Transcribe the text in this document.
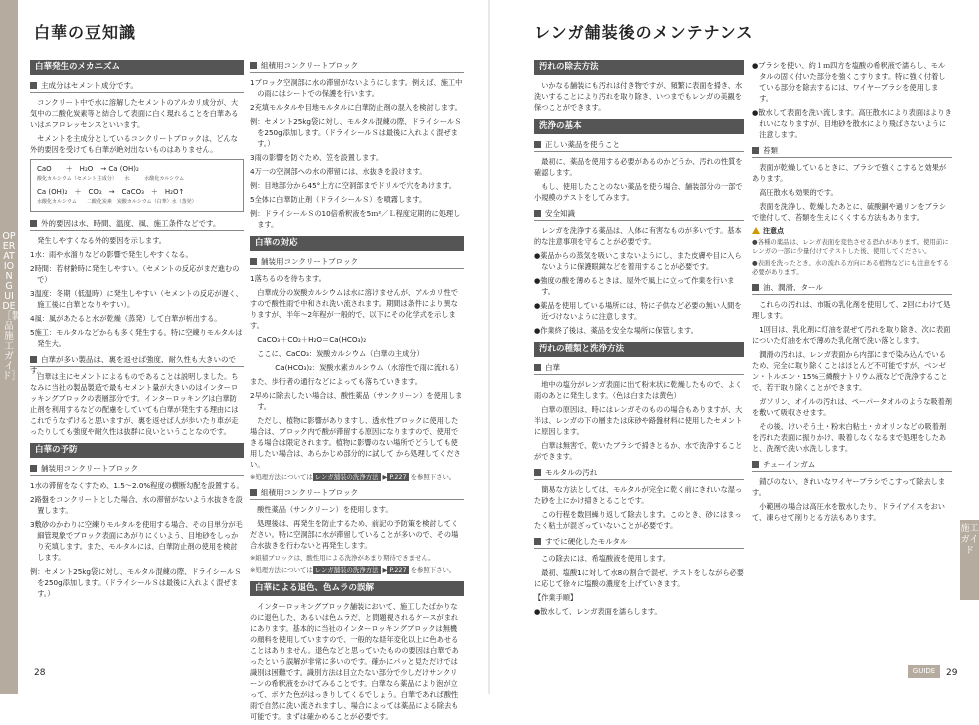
OPERATION GUIDE［製品施工ガイド］
白華の豆知識
白華発生のメカニズム
主成分はセメント成分です。

コンクリート中で水に溶解したセメントのアルカリ成分が、大気中の二酸化炭素等と結合して表面に白く現れることを白華あるいはエフロレッセンスといいます。

セメントを主成分としているコンクリートブロックは、どんな外的要因を受けても白華が絶対出ないものはありません。

CaO　　 ＋　H₂O　→ Ca (OH)₂
酸化カルシウム（セメント主成分）　　水　　　水酸化カルシウム
Ca (OH)₂　 ＋　CO₂　→　CaCO₃　＋　H₂O↑
水酸化カルシウム　　二酸化炭素　炭酸カルシウム（白華）水（蒸発）
外的要因は水、時間、温度、風、施工条件などです。

発生しやすくなる外的要因を示します。

1水：雨や水溜りなどの影響で発生しやすくなる。

2時間：若材齢時に発生しやすい。（セメントの反応がまだ進むので）

3温度：冬期（低温時）に発生しやすい（セメントの反応が遅く、施工後に白華となりやすい）。

4風：風があたると水が乾燥（蒸発）して白華が析出する。

5施工：モルタルなどからも多く発生する。特に空練りモルタルは発生大。

白華が多い製品は、裏を返せば強度、耐久性も大きいのです。

白華は主にセメントによるものであることは説明しました。ちなみに当社の製品製造で最もセメント量が大きいのはインターロッキングブロックの表層部分です。インターロッキングは白華防止剤を利用するなどの配慮をしていても白華が発生する理由にはこれでうなずけると思いますが、裏を返せば人が歩いたり車が走ったりしても強度や耐久性は抜群に良いということなのです。

白華の予防
舗装用コンクリートブロック

1水の滞留をなくすため、1.5～2.0%程度の横断勾配を設置する。

2路盤をコンクリートとした場合、水の滞留がないよう水抜きを設置します。

3敷砂のかわりに空練りモルタルを使用する場合、その目単分が毛細管現象でブロック表面にあがりにくいよう、目地砂をしっかり充填します。また、モルタルには、白華防止剤の使用を検討します。

例：セメント25kg袋に対し、モルタル混練の際、ドライシールＳを250g添加します。（ドライシールＳは最後に入れよく混ぜます。）

組積用コンクリートブロック

1ブロック空洞部に水の滞留がないようにします。例えば、施工中の雨にはシートでの保護を行います。

2充填モルタルや目地モルタルに白華防止剤の混入を検討します。

例：セメント25kg袋に対し、モルタル混練の際、ドライシールＳを250g添加します。（ドライシールＳは最後に入れよく混ぜます。）

3雨の影響を防ぐため、笠を設置します。

4万一の空洞部への水の滞留には、水抜きを設けます。

例：目地部分から45°上方に空洞部までドリルで穴をあけます。

5全体に白華防止剤（ドライシールＳ）を噴霧します。

例：ドライシールＳの10倍希釈液を5ｍ²／Ｌ程度定期的に処理します。

白華の対応
舗装用コンクリートブロック

1落ちるのを待ちます。

白華成分の炭酸カルシウムは水に溶けませんが、アルカリ性ですので酸性雨で中和され洗い流されます。期間は条件により異なりますが、半年～2年程が一般的で、以下にその化学式を示します。

CaCO₃＋CO₂＋H₂O＝Ca(HCO₃)₂

ここに、CaCO₃：炭酸カルシウム（白華の主成分）

Ca(HCO₃)₂：炭酸水素カルシウム（水溶性で雨に流れる）

また、歩行者の通行などによっても落ちていきます。

2早めに除去したい場合は、酸性薬品（サンクリーン）を使用します。

ただし、植物に影響がありますし、透水性ブロックに使用した場合は、ブロック内で酸が滞留する原因になりますので、使用できる場合は限定されます。植物に影響のない場所でどうしても使用したい場合は、あらかじめ部分的に試して から処理してください。

※処理方法については レンガ舗装の洗浄方法 ▶ P.227 を参照下さい。

組積用コンクリートブロック

酸性薬品（サンクリーン）を使用します。

処理後は、再発生を防止するため、前記の予防策を検討してください。特に空洞部に水が滞留していることが多いので、その場合水抜きを行わないと再発生します。

※組積ブロックは、酸性用による洗浄があまり期待できません。

※処理方法については レンガ舗装の洗浄方法 ▶ P.227 を参照下さい。

白華による退色、色ムラの誤解

インターロッキングブロック舗装において、施工したばかりなのに退色した、あるいは色ムラだ、と問題視されるケースがまれにあります。基本的に当社のインターロッキングブロックは無機の顔料を使用していますので、一般的な経年変化以上に色あせることはありません。退色などと思っていたものの要因は白華であったという誤解が非常に多いのです。確かにパッと見ただけでは識別は困難です。識別方法は目立たない部分で少しだけサンクリーンの希釈液をかけてみることです。白華なら薬品により泡が立って、ボケた色がはっきりしてくるでしょう。白華であれば酸性雨で自然に洗い流されますし、場合によっては薬品による除去も可能です。まずは確かめることが必要です。

28
レンガ舗装後のメンテナンス
汚れの除去方法

いかなる舗装にも汚れは付き物ですが、頻繁に表面を掃き、水洗いすることにより汚れを取り除き、いつまでもレンガの美観を保つことができます。

洗浄の基本
正しい薬品を使うこと

最初に、薬品を使用する必要があるのかどうか、汚れの性質を確認します。

もし、使用したことのない薬品を使う場合、舗装部分の一部で小規模のテストをしてみます。

安全知識

レンガを洗浄する薬品は、人体に有害なものが多いです。基本的な注意事項を守ることが必要です。

●薬品からの蒸気を吸いこまないようにし、また皮膚や目に入らないように保護眼鏡などを着用することが必要です。

●強度の酸を薄めるときは、屋外で風上に立って作業を行います。

●薬品を使用している場所には、特に子供など必要の無い人間を近づけないように注意します。

●作業終了後は、薬品を安全な場所に保管します。

汚れの種類と洗浄方法
白華

地中の塩分がレンガ表面に出て粉末状に乾燥したもので、よく雨のあとに発生します。（色は白または黄色）

白華の原因は、時にはレンガそのものの場合もありますが、大半は、レンガの下の層または床砂や路盤材料に使用したセメントに原因します。

白華は無害で、乾いたブラシで掃きとるか、水で洗浄することができます。

モルタルの汚れ

簡易な方法としては、モルタルが完全に乾く前にきれいな湿った砂を上にかけ掃きとることです。

この行程を数回繰り返して除去します。このとき、砂にはまったく粘土が混ざっていないことが必要です。

すでに硬化したモルタル

この除去には、希塩酸液を使用します。

最初、塩酸1に対して水8の割合で混ぜ、テストをしながら必要に応じて徐々に塩酸の濃度を上げていきます。

【作業手順】

●散水して、レンガ表面を濡らします。

●ブラシを使い、約１ｍ四方を塩酸の希釈液で濡らし、モルタルの固く付いた部分を強くこすります。特に強く付着している部分を除去するには、ワイヤーブラシを使用します。

●散水して表面を洗い流します。高圧散水により表面はよりきれいになりますが、目地砂を散水により飛ばさないように注意します。

苔類

表面が乾燥しているときに、ブラシで強くこすると効果があります。

高圧散水も効果的です。

表面を洗浄し、乾燥したあとに、硫酸銅や過リンをブラシで塗付して、苔類を生えにくくする方法もあります。

注意点

●各種の薬品は、レンガ表面を変色させる恐れがあります。使用前にレンガの一部に少量付けてテストした後、使用してください。

●表面を洗ったとき、水の流れる方向にある植物などにも注意をする必要があります。

油、潤滑、タール

これらの汚れは、市販の乳化剤を使用して、2回にわけて処理します。

1回目は、乳化剤に灯油を混ぜて汚れを取り除き、次に表面についた灯油を水で薄めた乳化剤で洗い落とします。

潤滑の汚れは、レンガ表面から内部にまで染み込んでいるため、完全に取り除くことはほとんど不可能ですが、ベンゼン・トルエン・15%三燐酸ナトリウム液などで洗浄することで、若干取り除くことができます。

ガソリン、オイルの汚れは、ペーパータオルのような吸着剤を敷いて吸収させます。

その後、けいそう土・粉末白粘土・カオリンなどの吸着剤を汚れた表面に振りかけ、吸着しなくなるまで処理をしたあと、洗剤で洗い水洗しします。

チューインガム

錆びのない、きれいなワイヤーブラシでこすって除去します。

小範囲の場合は高圧水を散水したり、ドライアイスをおいて、凍らせて削りとる方法もあります。

施工ガイド
GUIDE	29
